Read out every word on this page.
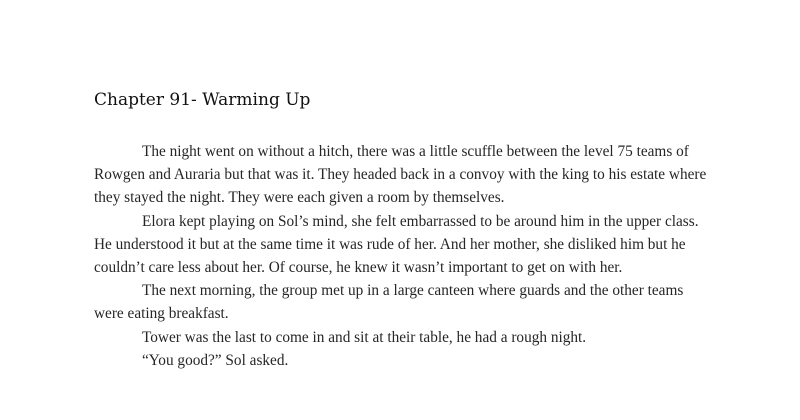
Chapter 91- Warming Up

The night went on without a hitch, there was a little scuffle between the level 75 teams of Rowgen and Auraria but that was it. They headed back in a convoy with the king to his estate where they stayed the night. They were each given a room by themselves.

Elora kept playing on Sol’s mind, she felt embarrassed to be around him in the upper class. He understood it but at the same time it was rude of her. And her mother, she disliked him but he couldn’t care less about her. Of course, he knew it wasn’t important to get on with her.

The next morning, the group met up in a large canteen where guards and the other teams were eating breakfast.

Tower was the last to come in and sit at their table, he had a rough night.

“You good?” Sol asked.
